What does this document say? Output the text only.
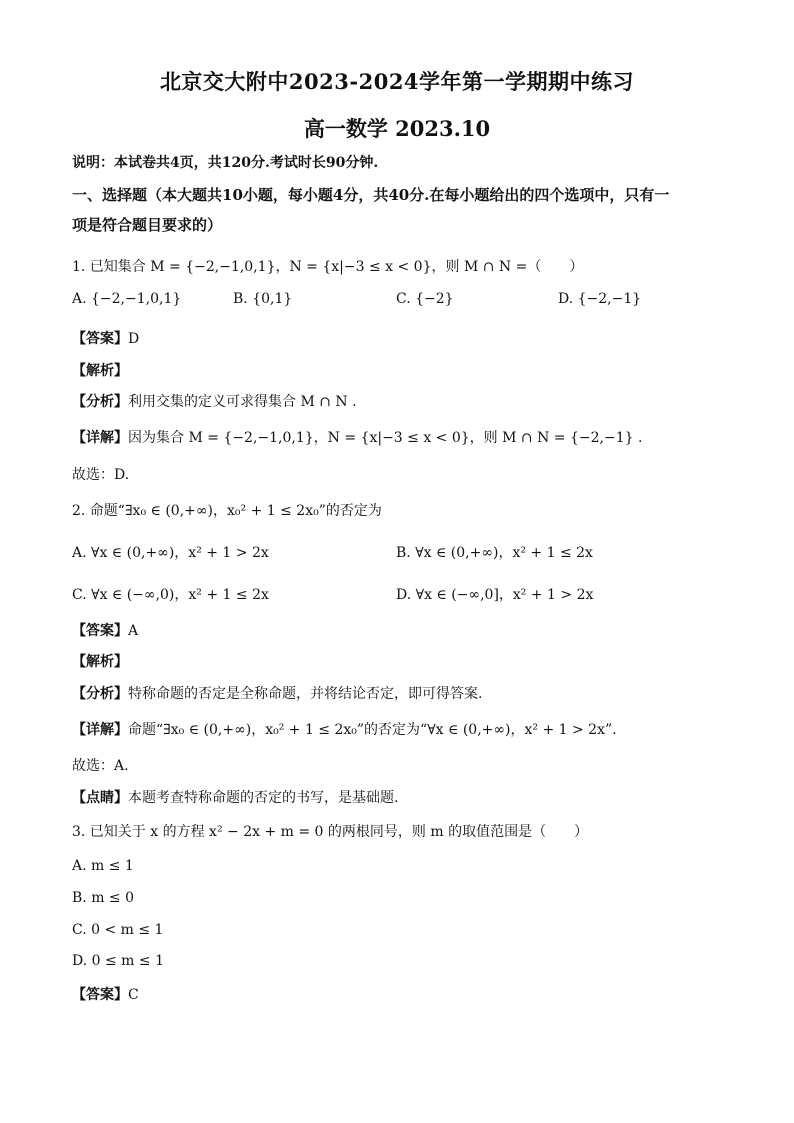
北京交大附中2023-2024学年第一学期期中练习
高一数学 2023.10
说明：本试卷共4页，共120分.考试时长90分钟.
一、选择题（本大题共10小题，每小题4分，共40分.在每小题给出的四个选项中，只有一
项是符合题目要求的）
1. 已知集合 M = {−2,−1,0,1}，N = {x|−3 ≤ x < 0}，则 M ∩ N =（　　）
A. {−2,−1,0,1}	B. {0,1}	C. {−2}	D. {−2,−1}
【答案】D
【解析】
【分析】利用交集的定义可求得集合 M ∩ N .
【详解】因为集合 M = {−2,−1,0,1}，N = {x|−3 ≤ x < 0}，则 M ∩ N = {−2,−1} .
故选：D.
2. 命题“∃x₀ ∈ (0,+∞)，x₀² + 1 ≤ 2x₀”的否定为
A. ∀x ∈ (0,+∞)，x² + 1 > 2x	B. ∀x ∈ (0,+∞)，x² + 1 ≤ 2x
C. ∀x ∈ (−∞,0)，x² + 1 ≤ 2x	D. ∀x ∈ (−∞,0]，x² + 1 > 2x
【答案】A
【解析】
【分析】特称命题的否定是全称命题，并将结论否定，即可得答案.
【详解】命题“∃x₀ ∈ (0,+∞)，x₀² + 1 ≤ 2x₀”的否定为“∀x ∈ (0,+∞)，x² + 1 > 2x”.
故选：A.
【点睛】本题考查特称命题的否定的书写，是基础题.
3. 已知关于 x 的方程 x² − 2x + m = 0 的两根同号，则 m 的取值范围是（　　）
A. m ≤ 1
B. m ≤ 0
C. 0 < m ≤ 1
D. 0 ≤ m ≤ 1
【答案】C
